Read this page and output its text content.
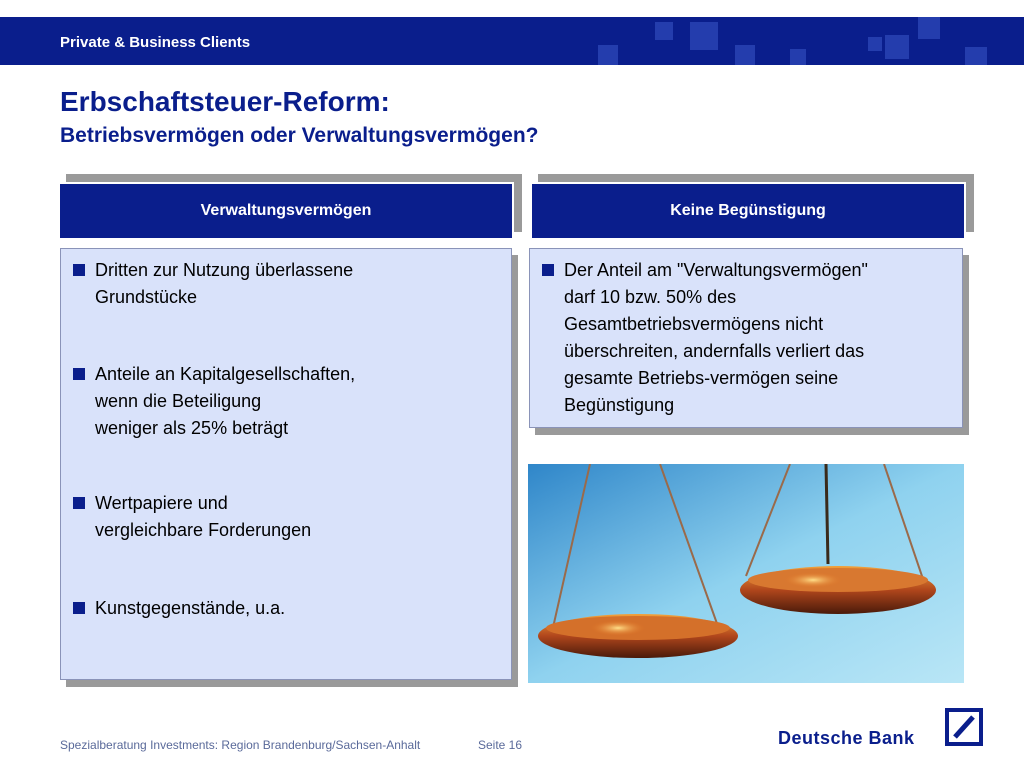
Private & Business Clients
Erbschaftsteuer-Reform:
Betriebsvermögen oder Verwaltungsvermögen?
Verwaltungsvermögen
Dritten zur Nutzung überlassene
Grundstücke
Anteile an Kapitalgesellschaften,
wenn die Beteiligung
weniger als 25% beträgt
Wertpapiere und
vergleichbare Forderungen
Kunstgegenstände, u.a.
Keine Begünstigung
Der Anteil am "Verwaltungsvermögen"
darf 10 bzw. 50% des
Gesamtbetriebsvermögens nicht
überschreiten, andernfalls verliert das
gesamte Betriebs-vermögen seine
Begünstigung
Spezialberatung Investments: Region Brandenburg/Sachsen-Anhalt	Seite 16	Deutsche Bank
